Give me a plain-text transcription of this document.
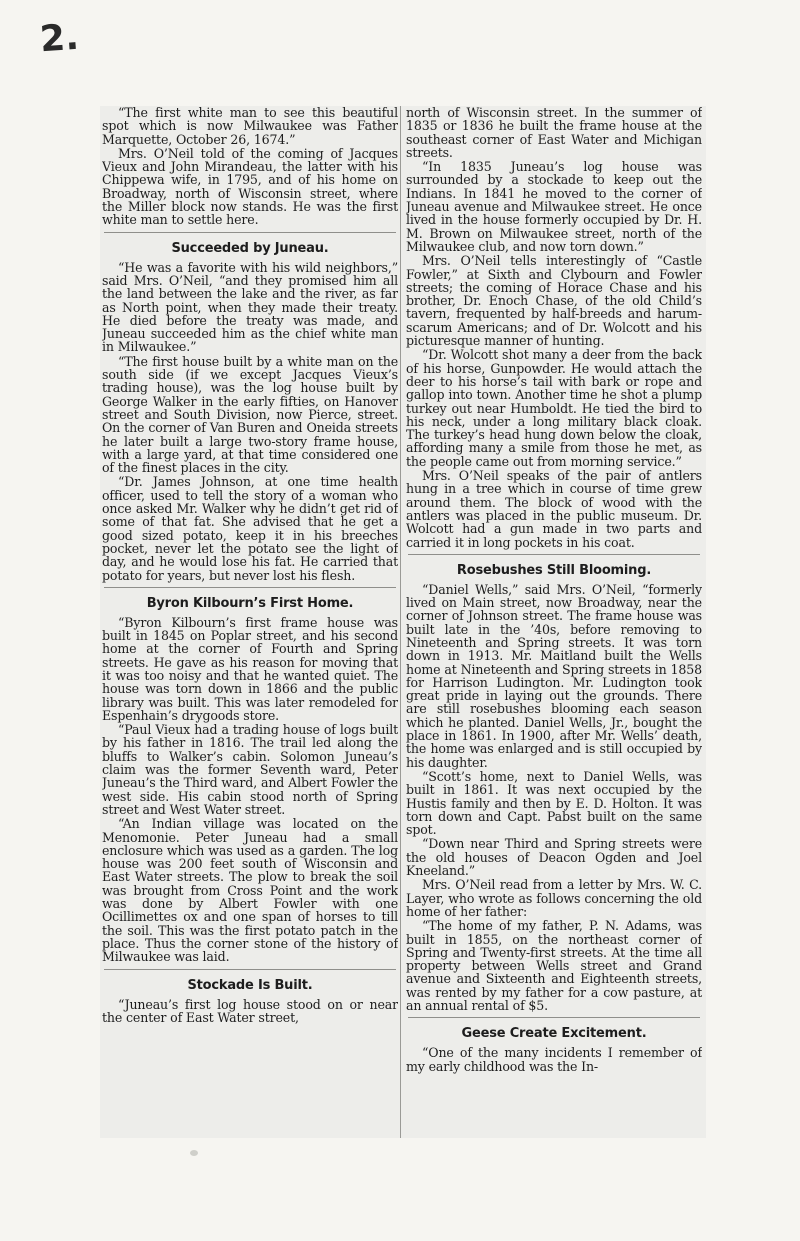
2.

“The first white man to see this beautiful spot which is now Milwaukee was Father Marquette, October 26, 1674.”

Mrs. O’Neil told of the coming of Jacques Vieux and John Mirandeau, the latter with his Chippewa wife, in 1795, and of his home on Broadway, north of Wisconsin street, where the Miller block now stands. He was the first white man to settle here.

Succeeded by Juneau.

“He was a favorite with his wild neighbors,” said Mrs. O’Neil, “and they promised him all the land between the lake and the river, as far as North point, when they made their treaty. He died before the treaty was made, and Juneau succeeded him as the chief white man in Milwaukee.”

“The first house built by a white man on the south side (if we except Jacques Vieux’s trading house), was the log house built by George Walker in the early fifties, on Hanover street and South Division, now Pierce, street. On the corner of Van Buren and Oneida streets he later built a large two-story frame house, with a large yard, at that time considered one of the finest places in the city.

“Dr. James Johnson, at one time health officer, used to tell the story of a woman who once asked Mr. Walker why he didn’t get rid of some of that fat. She advised that he get a good sized potato, keep it in his breeches pocket, never let the potato see the light of day, and he would lose his fat. He carried that potato for years, but never lost his flesh.

Byron Kilbourn’s First Home.

“Byron Kilbourn’s first frame house was built in 1845 on Poplar street, and his second home at the corner of Fourth and Spring streets. He gave as his reason for moving that it was too noisy and that he wanted quiet. The house was torn down in 1866 and the public library was built. This was later remodeled for Espenhain’s drygoods store.

“Paul Vieux had a trading house of logs built by his father in 1816. The trail led along the bluffs to Walker’s cabin. Solomon Juneau’s claim was the former Seventh ward, Peter Juneau’s the Third ward, and Albert Fowler the west side. His cabin stood north of Spring street and West Water street.

“An Indian village was located on the Menomonie. Peter Juneau had a small enclosure which was used as a garden. The log house was 200 feet south of Wisconsin and East Water streets. The plow to break the soil was brought from Cross Point and the work was done by Albert Fowler with one Ocillimettes ox and one span of horses to till the soil. This was the first potato patch in the place. Thus the corner stone of the history of Milwaukee was laid.

Stockade Is Built.

“Juneau’s first log house stood on or near the center of East Water street,

north of Wisconsin street. In the summer of 1835 or 1836 he built the frame house at the southeast corner of East Water and Michigan streets.

“In 1835 Juneau’s log house was surrounded by a stockade to keep out the Indians. In 1841 he moved to the corner of Juneau avenue and Milwaukee street. He once lived in the house formerly occupied by Dr. H. M. Brown on Milwaukee street, north of the Milwaukee club, and now torn down.”

Mrs. O’Neil tells interestingly of “Castle Fowler,” at Sixth and Clybourn and Fowler streets; the coming of Horace Chase and his brother, Dr. Enoch Chase, of the old Child’s tavern, frequented by half-breeds and harum-scarum Americans; and of Dr. Wolcott and his picturesque manner of hunting.

“Dr. Wolcott shot many a deer from the back of his horse, Gunpowder. He would attach the deer to his horse’s tail with bark or rope and gallop into town. Another time he shot a plump turkey out near Humboldt. He tied the bird to his neck, under a long military black cloak. The turkey’s head hung down below the cloak, affording many a smile from those he met, as the people came out from morning service.”

Mrs. O’Neil speaks of the pair of antlers hung in a tree which in course of time grew around them. The block of wood with the antlers was placed in the public museum. Dr. Wolcott had a gun made in two parts and carried it in long pockets in his coat.

Rosebushes Still Blooming.

“Daniel Wells,” said Mrs. O’Neil, “formerly lived on Main street, now Broadway, near the corner of Johnson street. The frame house was built late in the ’40s, before removing to Nineteenth and Spring streets. It was torn down in 1913. Mr. Maitland built the Wells home at Nineteenth and Spring streets in 1858 for Harrison Ludington. Mr. Ludington took great pride in laying out the grounds. There are still rosebushes blooming each season which he planted. Daniel Wells, Jr., bought the place in 1861. In 1900, after Mr. Wells’ death, the home was enlarged and is still occupied by his daughter.

“Scott’s home, next to Daniel Wells, was built in 1861. It was next occupied by the Hustis family and then by E. D. Holton. It was torn down and Capt. Pabst built on the same spot.

“Down near Third and Spring streets were the old houses of Deacon Ogden and Joel Kneeland.”

Mrs. O’Neil read from a letter by Mrs. W. C. Layer, who wrote as follows concerning the old home of her father:

“The home of my father, P. N. Adams, was built in 1855, on the northeast corner of Spring and Twenty-first streets. At the time all property between Wells street and Grand avenue and Sixteenth and Eighteenth streets, was rented by my father for a cow pasture, at an annual rental of $5.

Geese Create Excitement.

“One of the many incidents I remember of my early childhood was the In-
